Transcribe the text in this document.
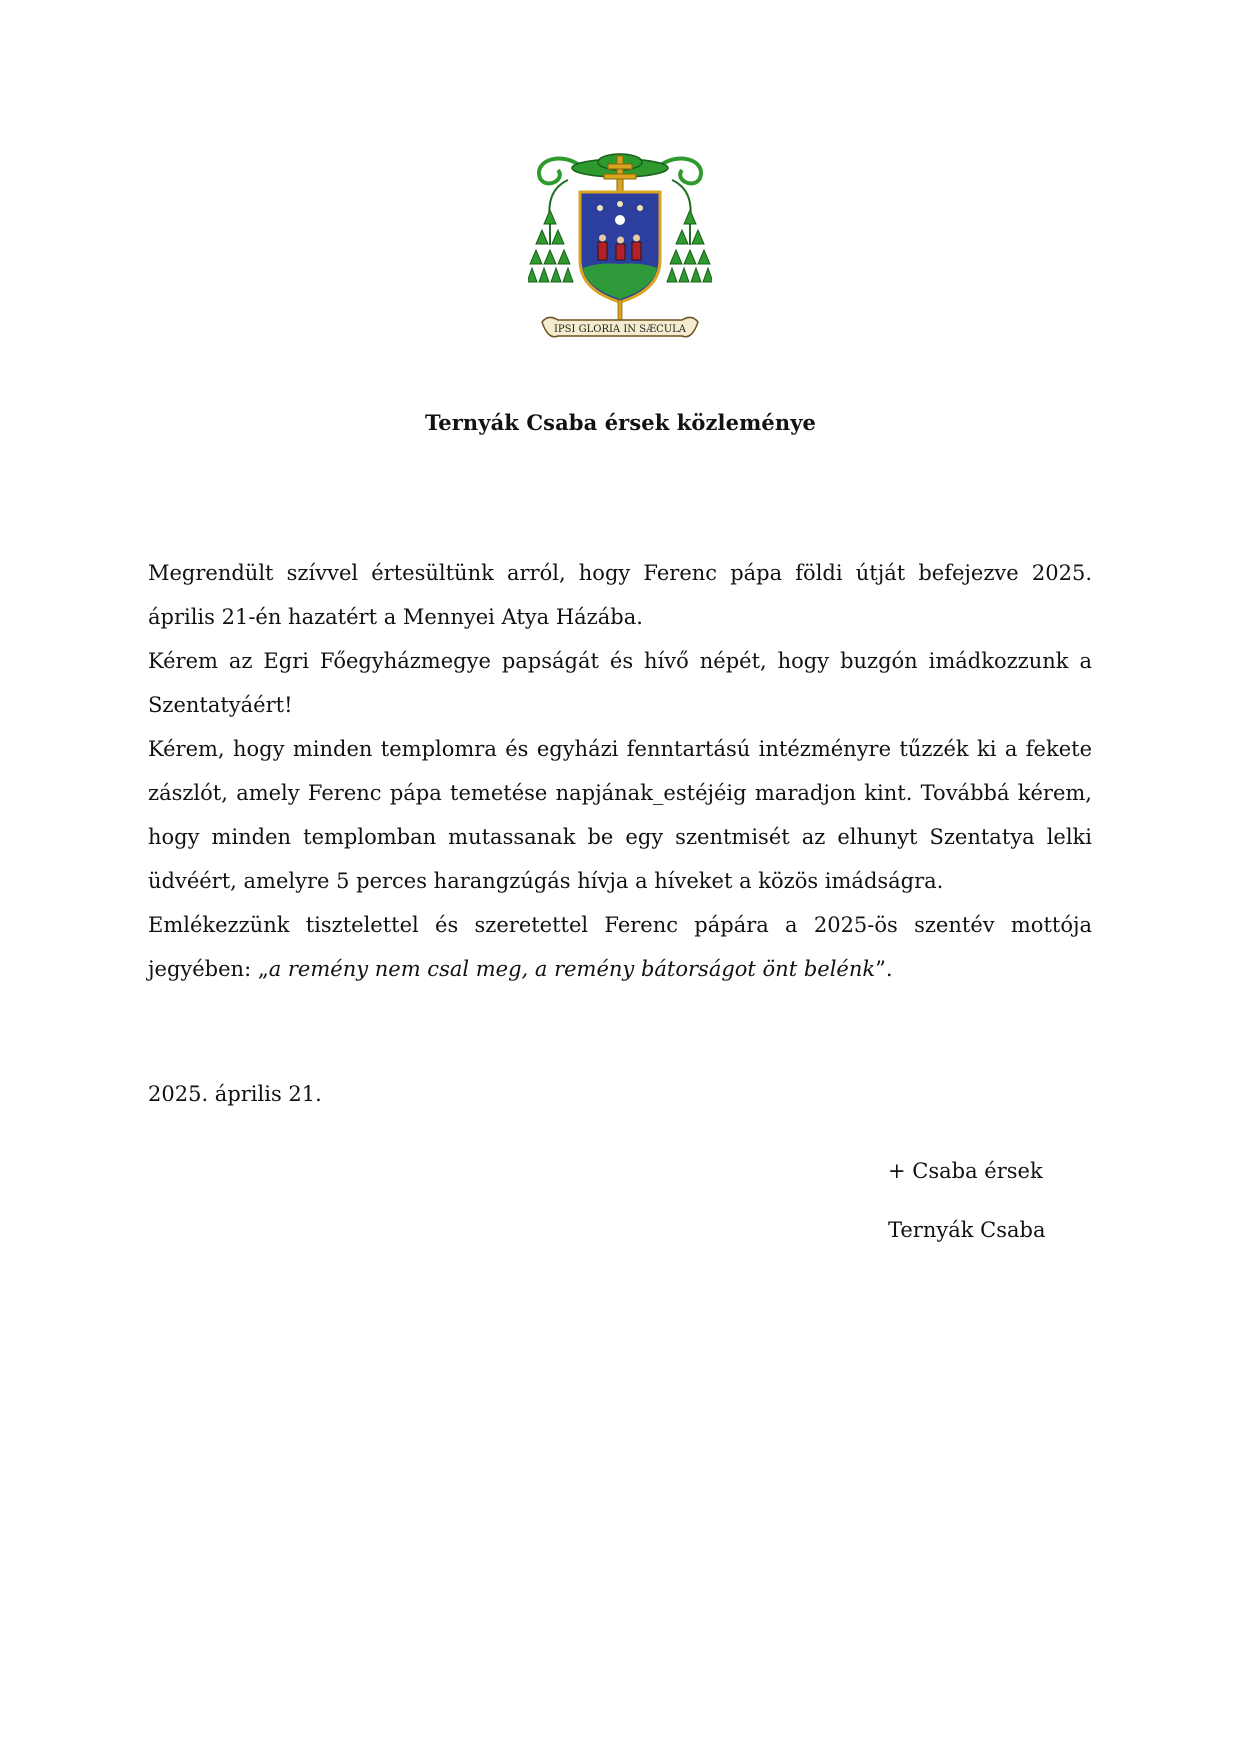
IPSI GLORIA IN SÆCULA
Ternyák Csaba érsek közleménye

Megrendült szívvel értesültünk arról, hogy Ferenc pápa földi útját befejezve 2025. április 21-én hazatért a Mennyei Atya Házába.

Kérem az Egri Főegyházmegye papságát és hívő népét, hogy buzgón imádkozzunk a Szentatyáért!

Kérem, hogy minden templomra és egyházi fenntartású intézményre tűzzék ki a fekete zászlót, amely Ferenc pápa temetése napjának_estéjéig maradjon kint. Továbbá kérem, hogy minden templomban mutassanak be egy szentmisét az elhunyt Szentatya lelki üdvéért, amelyre 5 perces harangzúgás hívja a híveket a közös imádságra.

Emlékezzünk tisztelettel és szeretettel Ferenc pápára a 2025-ös szentév mottója jegyében: „a remény nem csal meg, a remény bátorságot önt belénk”.

2025. április 21.
+ Csaba érsek
Ternyák Csaba
